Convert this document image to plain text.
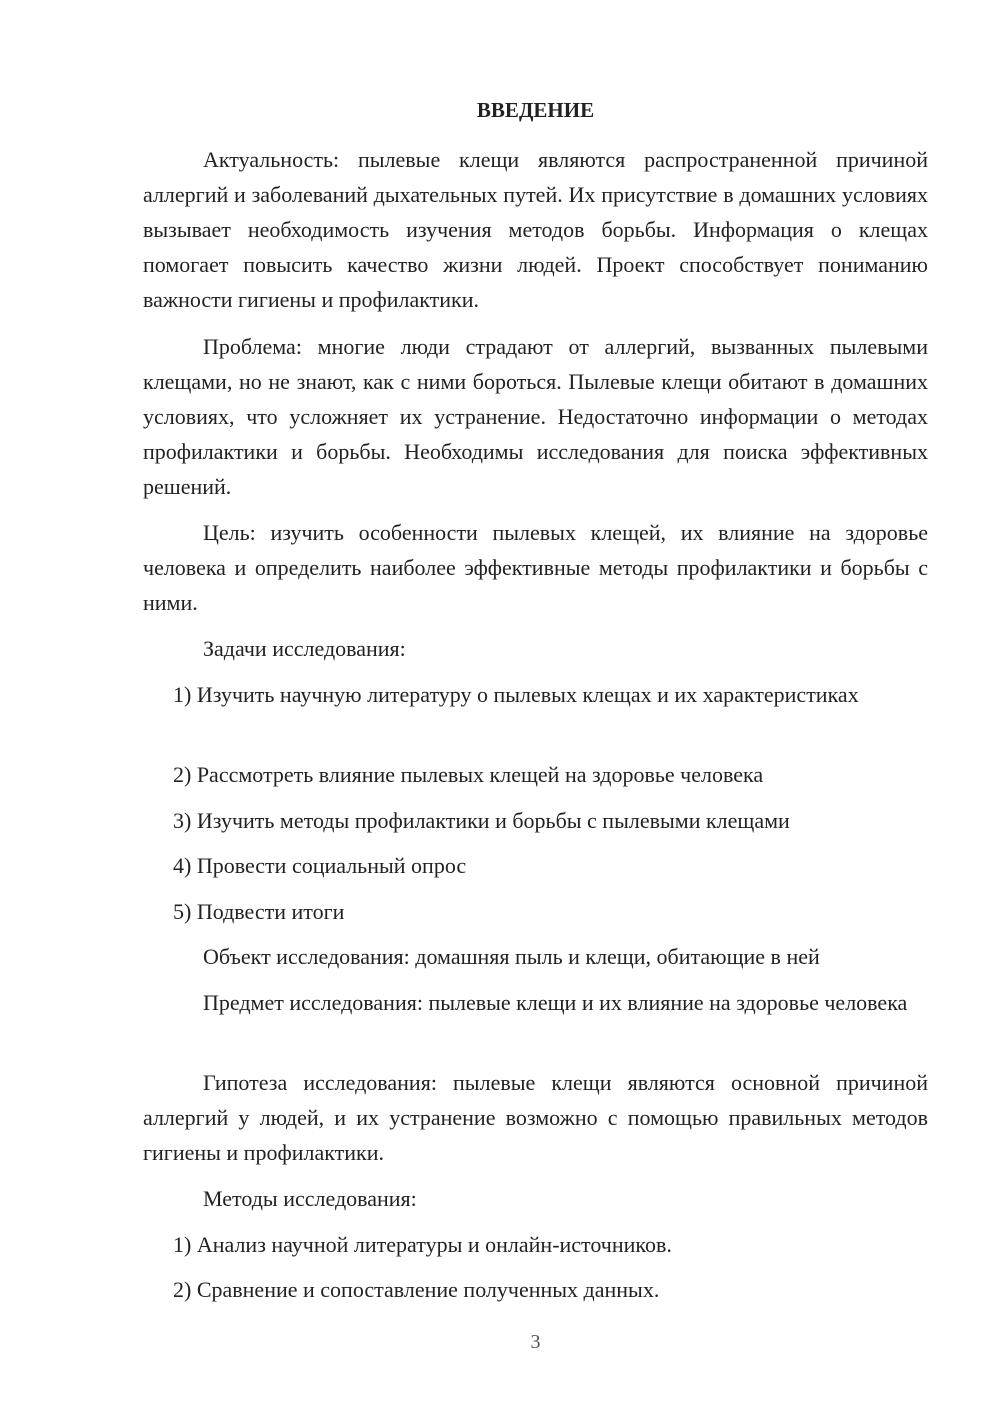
ВВЕДЕНИЕ

Актуальность: пылевые клещи являются распространенной причиной аллергий и заболеваний дыхательных путей. Их присутствие в домашних условиях вызывает необходимость изучения методов борьбы. Информация о клещах помогает повысить качество жизни людей. Проект способствует пониманию важности гигиены и профилактики.

Проблема: многие люди страдают от аллергий, вызванных пылевыми клещами, но не знают, как с ними бороться. Пылевые клещи обитают в домашних условиях, что усложняет их устранение. Недостаточно информации о методах профилактики и борьбы. Необходимы исследования для поиска эффективных решений.

Цель: изучить особенности пылевых клещей, их влияние на здоровье человека и определить наиболее эффективные методы профилактики и борьбы с ними.

Задачи исследования:

1) Изучить научную литературу о пылевых клещах и их характеристиках

2) Рассмотреть влияние пылевых клещей на здоровье человека

3) Изучить методы профилактики и борьбы с пылевыми клещами

4) Провести социальный опрос

5) Подвести итоги

Объект исследования: домашняя пыль и клещи, обитающие в ней

Предмет исследования: пылевые клещи и их влияние на здоровье человека

Гипотеза исследования: пылевые клещи являются основной причиной аллергий у людей, и их устранение возможно с помощью правильных методов гигиены и профилактики.

Методы исследования:

1) Анализ научной литературы и онлайн-источников.

2) Сравнение и сопоставление полученных данных.

3
